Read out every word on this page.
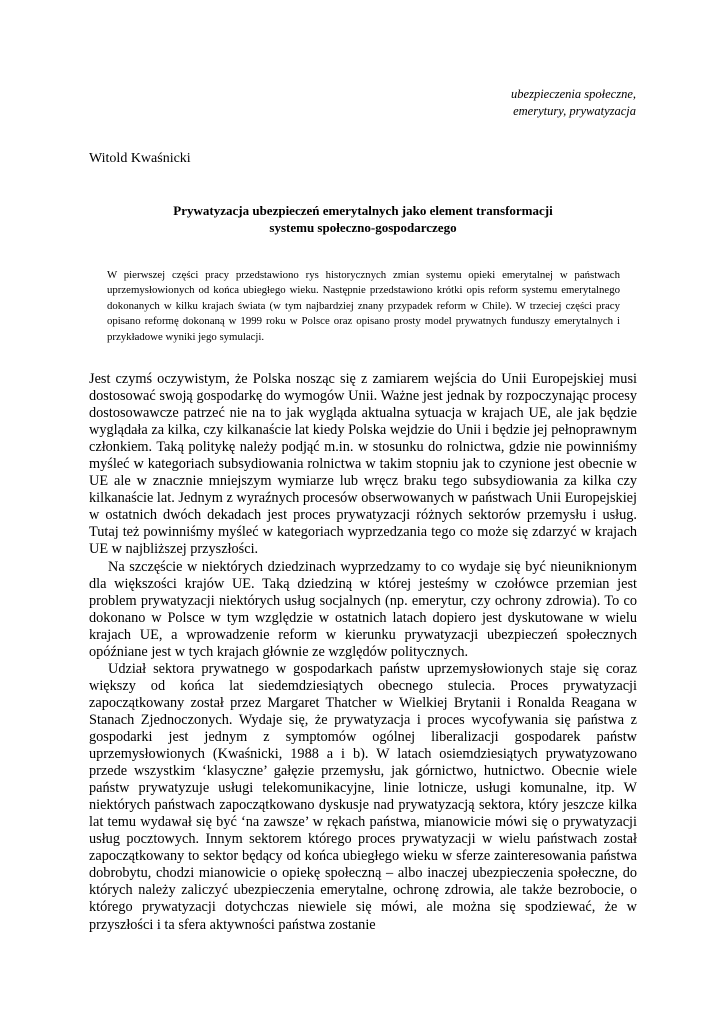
ubezpieczenia społeczne,
emerytury, prywatyzacja
Witold Kwaśnicki
Prywatyzacja ubezpieczeń emerytalnych jako element transformacji
systemu społeczno-gospodarczego

W pierwszej części pracy przedstawiono rys historycznych zmian systemu opieki emerytalnej w państwach uprzemysłowionych od końca ubiegłego wieku. Następnie przedstawiono krótki opis reform systemu emerytalnego dokonanych w kilku krajach świata (w tym najbardziej znany przypadek reform w Chile). W trzeciej części pracy opisano reformę dokonaną w 1999 roku w Polsce oraz opisano prosty model prywatnych funduszy emerytalnych i przykładowe wyniki jego symulacji.

Jest czymś oczywistym, że Polska nosząc się z zamiarem wejścia do Unii Europejskiej musi dostosować swoją gospodarkę do wymogów Unii. Ważne jest jednak by rozpoczynając procesy dostosowawcze patrzeć nie na to jak wygląda aktualna sytuacja w krajach UE, ale jak będzie wyglądała za kilka, czy kilkanaście lat kiedy Polska wejdzie do Unii i będzie jej pełnoprawnym członkiem. Taką politykę należy podjąć m.in. w stosunku do rolnictwa, gdzie nie powinniśmy myśleć w kategoriach subsydiowania rolnictwa w takim stopniu jak to czynione jest obecnie w UE ale w znacznie mniejszym wymiarze lub wręcz braku tego subsydiowania za kilka czy kilkanaście lat. Jednym z wyraźnych procesów obserwowanych w państwach Unii Europejskiej w ostatnich dwóch dekadach jest proces prywatyzacji różnych sektorów przemysłu i usług. Tutaj też powinniśmy myśleć w kategoriach wyprzedzania tego co może się zdarzyć w krajach UE w najbliższej przyszłości.

Na szczęście w niektórych dziedzinach wyprzedzamy to co wydaje się być nieuniknionym dla większości krajów UE. Taką dziedziną w której jesteśmy w czołówce przemian jest problem prywatyzacji niektórych usług socjalnych (np. emerytur, czy ochrony zdrowia). To co dokonano w Polsce w tym względzie w ostatnich latach dopiero jest dyskutowane w wielu krajach UE, a wprowadzenie reform w kierunku prywatyzacji ubezpieczeń społecznych opóźniane jest w tych krajach głównie ze względów politycznych.

Udział sektora prywatnego w gospodarkach państw uprzemysłowionych staje się coraz większy od końca lat siedemdziesiątych obecnego stulecia. Proces prywatyzacji zapoczątkowany został przez Margaret Thatcher w Wielkiej Brytanii i Ronalda Reagana w Stanach Zjednoczonych. Wydaje się, że prywatyzacja i proces wycofywania się państwa z gospodarki jest jednym z symptomów ogólnej liberalizacji gospodarek państw uprzemysłowionych (Kwaśnicki, 1988 a i b). W latach osiemdziesiątych prywatyzowano przede wszystkim ‘klasyczne’ gałęzie przemysłu, jak górnictwo, hutnictwo. Obecnie wiele państw prywatyzuje usługi telekomunikacyjne, linie lotnicze, usługi komunalne, itp. W niektórych państwach zapoczątkowano dyskusje nad prywatyzacją sektora, który jeszcze kilka lat temu wydawał się być ‘na zawsze’ w rękach państwa, mianowicie mówi się o prywatyzacji usług pocztowych. Innym sektorem którego proces prywatyzacji w wielu państwach został zapoczątkowany to sektor będący od końca ubiegłego wieku w sferze zainteresowania państwa dobrobytu, chodzi mianowicie o opiekę społeczną – albo inaczej ubezpieczenia społeczne, do których należy zaliczyć ubezpieczenia emerytalne, ochronę zdrowia, ale także bezrobocie, o którego prywatyzacji dotychczas niewiele się mówi, ale można się spodziewać, że w przyszłości i ta sfera aktywności państwa zostanie
